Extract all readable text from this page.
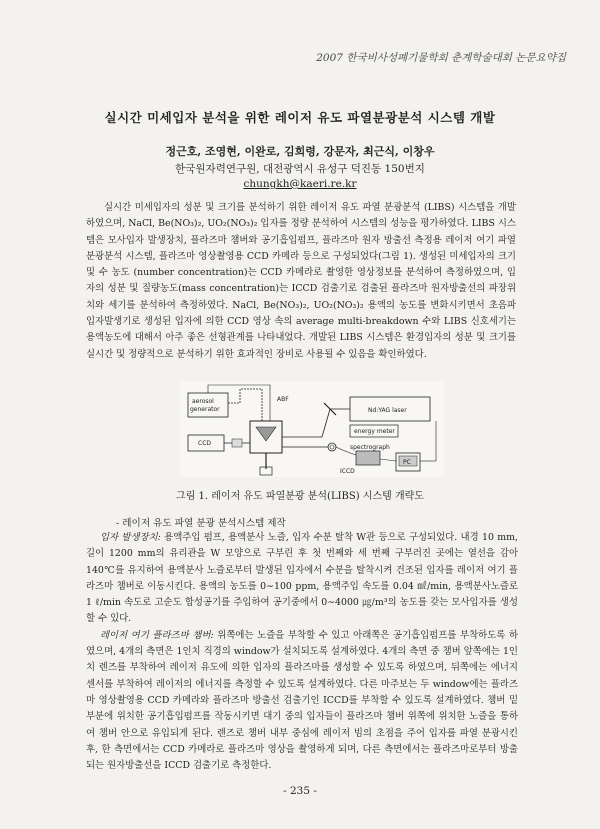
2007 한국비사성폐기물학회 춘계학술대회 논문요약집
실시간 미세입자 분석을 위한 레이저 유도 파열분광분석 시스템 개발
정근호, 조영현, 이완로, 김희령, 강문자, 최근식, 이창우
한국원자력연구원, 대전광역시 유성구 덕진동 150번지
chungkh@kaeri.re.kr

실시간 미세입자의 성분 및 크기를 분석하기 위한 레이저 유도 파열 분광분석 (LIBS) 시스템을 개발하였으며, NaCl, Be(NO₃)₂, UO₂(NO₃)₂ 입자를 정량 분석하여 시스템의 성능을 평가하였다. LIBS 시스템은 모사입자 발생장치, 플라즈마 챔버와 공기흡입펌프, 플라즈마 원자 방출선 측정용 레이저 여기 파열 분광분석 시스템, 플라즈마 영상촬영용 CCD 카메라 등으로 구성되었다(그림 1). 생성된 미세입자의 크기 및 수 농도 (number concentration)는 CCD 카메라로 촬영한 영상정보를 분석하여 측정하였으며, 입자의 성분 및 질량농도(mass concentration)는 ICCD 검출기로 검출된 플라즈마 원자방출선의 파장위치와 세기를 분석하여 측정하였다. NaCl, Be(NO₃)₂, UO₂(NO₃)₂ 용액의 농도를 변화시키면서 초음파 입자발생기로 생성된 입자에 의한 CCD 영상 속의 average multi-breakdown 수와 LIBS 신호세기는 용액농도에 대해서 아주 좋은 선형관계를 나타내었다. 개발된 LIBS 시스템은 환경입자의 성분 및 크기를 실시간 및 정량적으로 분석하기 위한 효과적인 장비로 사용될 수 있음을 확인하였다.

aerosol
generator
ABF
CCD
Nd:YAG laser
energy meter
spectrograph
ICCD
PC
그림 1. 레이저 유도 파열분광 분석(LIBS) 시스템 개략도
- 레이저 유도 파열 분광 분석시스템 제작

입자 발생장치: 용액주입 펌프, 용액분사 노즐, 입자 수분 탈착 W관 등으로 구성되었다. 내경 10 mm, 길이 1200 mm의 유리관을 W 모양으로 구부린 후 첫 번째와 세 번째 구부러진 곳에는 열선을 감아 140℃를 유지하여 용액분사 노즐로부터 발생된 입자에서 수분을 탈착시켜 건조된 입자를 레이저 여기 플라즈마 챔버로 이동시킨다. 용액의 농도를 0∼100 ppm, 용액주입 속도를 0.04 ㎖/min, 용액분사노즐로 1 ℓ/min 속도로 고순도 합성공기를 주입하여 공기중에서 0∼4000 ㎍/m³의 농도를 갖는 모사입자를 생성할 수 있다.

레이저 여기 플라즈마 챔버: 위쪽에는 노즐을 부착할 수 있고 아래쪽은 공기흡입펌프를 부착하도록 하였으며, 4개의 측면은 1인치 직경의 window가 설치되도록 설계하였다. 4개의 측면 중 챔버 앞쪽에는 1인치 렌즈를 부착하여 레이저 유도에 의한 입자의 플라즈마를 생성할 수 있도록 하였으며, 뒤쪽에는 에너지 센서를 부착하여 레이저의 에너지를 측정할 수 있도록 설계하였다. 다른 마주보는 두 window에는 플라즈마 영상촬영용 CCD 카메라와 플라즈마 방출선 검출기인 ICCD를 부착할 수 있도록 설계하였다. 챔버 밑 부분에 위치한 공기흡입펌프를 작동시키면 대기 중의 입자들이 플라즈마 챔버 위쪽에 위치한 노즐을 통하여 챔버 안으로 유입되게 된다. 렌즈로 챔버 내부 중심에 레이저 빔의 초점을 주어 입자를 파열 분광시킨 후, 한 측면에서는 CCD 카메라로 플라즈마 영상을 촬영하게 되며, 다른 측면에서는 플라즈마로부터 방출되는 원자방출선을 ICCD 검출기로 측정한다.

- 235 -
